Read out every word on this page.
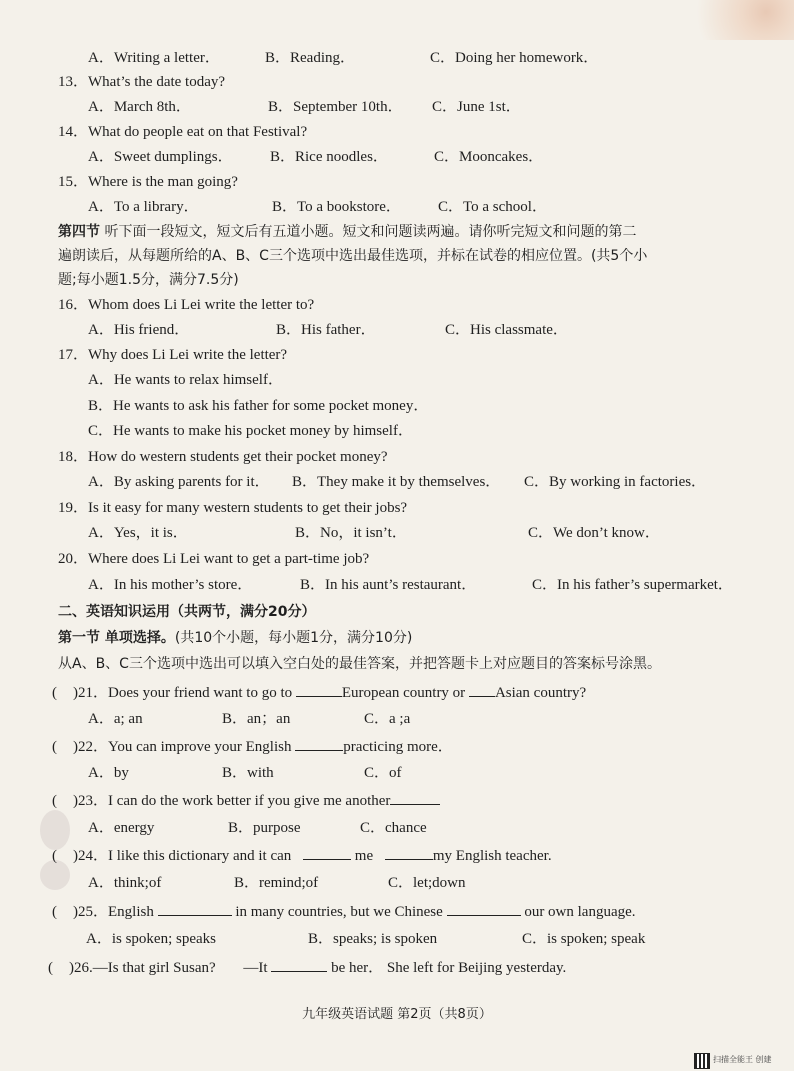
A．Writing a letter．	B．Reading．	C．Doing her homework．
13．What’s the date today?
A．March 8th．	B．September 10th． C．June 1st．
14．What do people eat on that Festival?
A．Sweet dumplings． B．Rice noodles．	C．Mooncakes．
15．Where is the man going?
A．To a library．	B．To a bookstore． C．To a school．
第四节 听下面一段短文，短文后有五道小题。短文和问题读两遍。请你听完短文和问题的第二
遍朗读后，从每题所给的A、B、C三个选项中选出最佳选项，并标在试卷的相应位置。(共5个小
题;每小题1.5分，满分7.5分)
16．Whom does Li Lei write the letter to?
A．His friend．	B．His father．	C．His classmate．
17．Why does Li Lei write the letter?
A．He wants to relax himself．
B．He wants to ask his father for some pocket money．
C．He wants to make his pocket money by himself．
18．How do western students get their pocket money?
A．By asking parents for it． B．They make it by themselves． C．By working in factories．
19．Is it easy for many western students to get their jobs?
A．Yes，it is．	B．No，it isn’t．	C．We don’t know．
20．Where does Li Lei want to get a part-time job?
A．In his mother’s store．	B．In his aunt’s restaurant．	C．In his father’s supermarket．
二、英语知识运用（共两节，满分20分）
第一节 单项选择。(共10个小题，每小题1分，满分10分)
从A、B、C三个选项中选出可以填入空白处的最佳答案，并把答题卡上对应题目的答案标号涂黑。
( )21．Does your friend want to go to	European country or Asian country?
A．a; an	B．an；an	C．a ;a
( )22．You can improve your English	practicing more．
A．by	B．with	C．of
( )23．I can do the work better if you give me another
A．energy	B．purpose	C．chance
( )24．I like this dictionary and it can	me	my English teacher.
A．think;of	B．remind;of	C．let;down
( )25．English	in many countries, but we Chinese	our own language.
A．is spoken; speaks	B．speaks; is spoken	C．is spoken; speak
( )26.—Is that girl Susan? —It	be her． She left for Beijing yesterday.
九年级英语试题 第2页（共8页）
扫描全能王 创建
